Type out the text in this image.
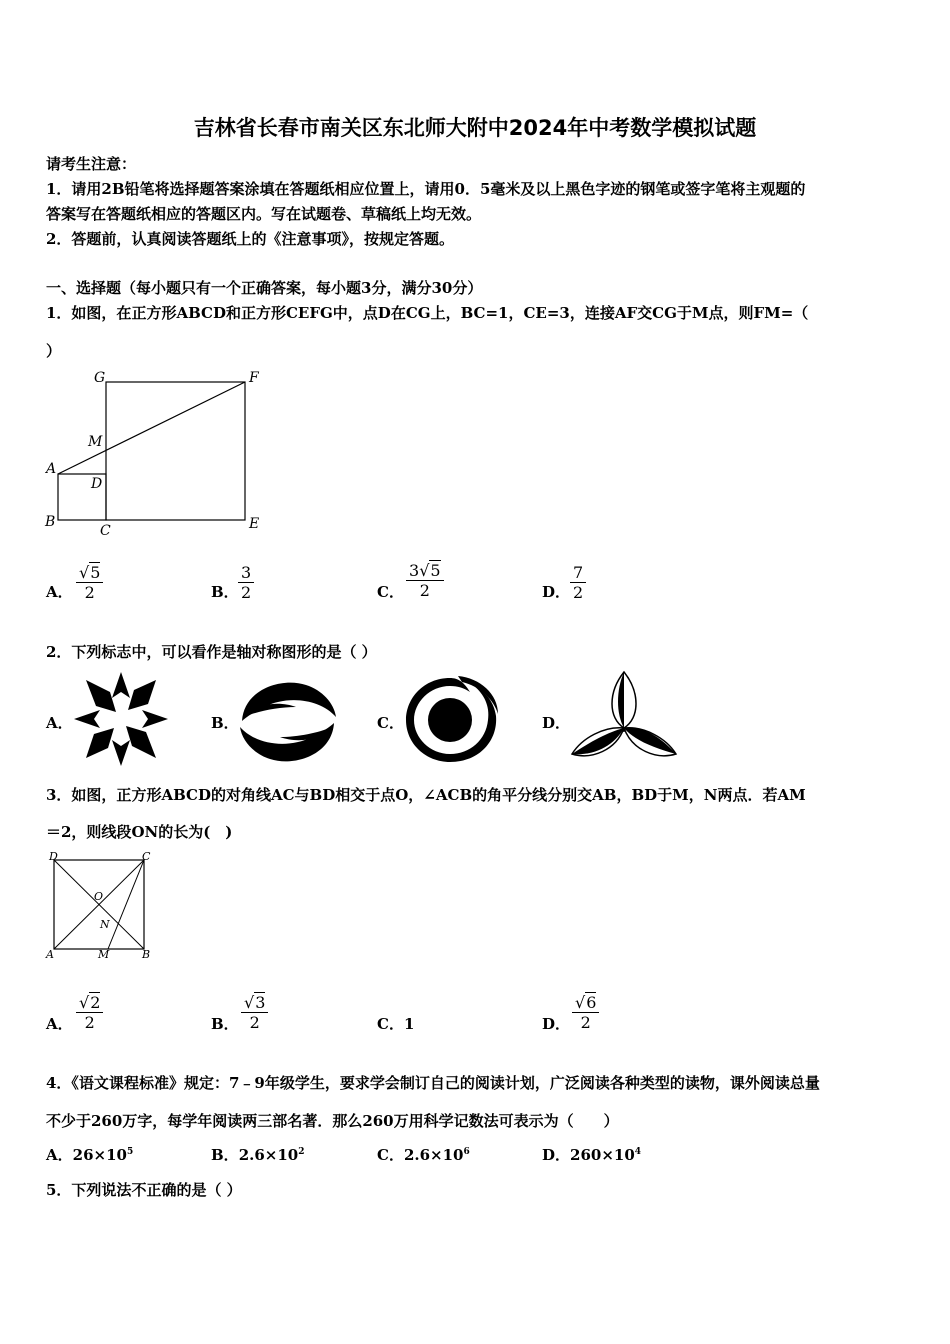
吉林省长春市南关区东北师大附中2024年中考数学模拟试题
请考生注意：
1．请用2B铅笔将选择题答案涂填在答题纸相应位置上，请用0．5毫米及以上黑色字迹的钢笔或签字笔将主观题的
答案写在答题纸相应的答题区内。写在试题卷、草稿纸上均无效。
2．答题前，认真阅读答题纸上的《注意事项》，按规定答题。
一、选择题（每小题只有一个正确答案，每小题3分，满分30分）
1．如图，在正方形ABCD和正方形CEFG中，点D在CG上，BC=1，CE=3，连接AF交CG于M点，则FM=（
）
G	F
M
A
D
B
C	E
A． $\frac{√5}{2}$	B． $\frac{3}{2}$	C． $\frac{3√5}{2}$	D． $\frac{7}{2}$
2．下列标志中，可以看作是轴对称图形的是（ ）
A．	B．	C．	D．
3．如图，正方形ABCD的对角线AC与BD相交于点O，∠ACB的角平分线分别交AB，BD于M，N两点．若AM
＝2，则线段ON的长为(　)
D	C
O
N
A	M	B
A． $\frac{√2}{2}$	B． $\frac{√3}{2}$	C．1	D． $\frac{√6}{2}$
4．《语文课程标准》规定：7﹣9年级学生，要求学会制订自己的阅读计划，广泛阅读各种类型的读物，课外阅读总量
不少于260万字，每学年阅读两三部名著．那么260万用科学记数法可表示为（　　）
A．$26\times 10^5$	B．$2.6\times 10^2$	C．$2.6\times 10^6$	D．$260\times 10^4$
5．下列说法不正确的是（ ）
